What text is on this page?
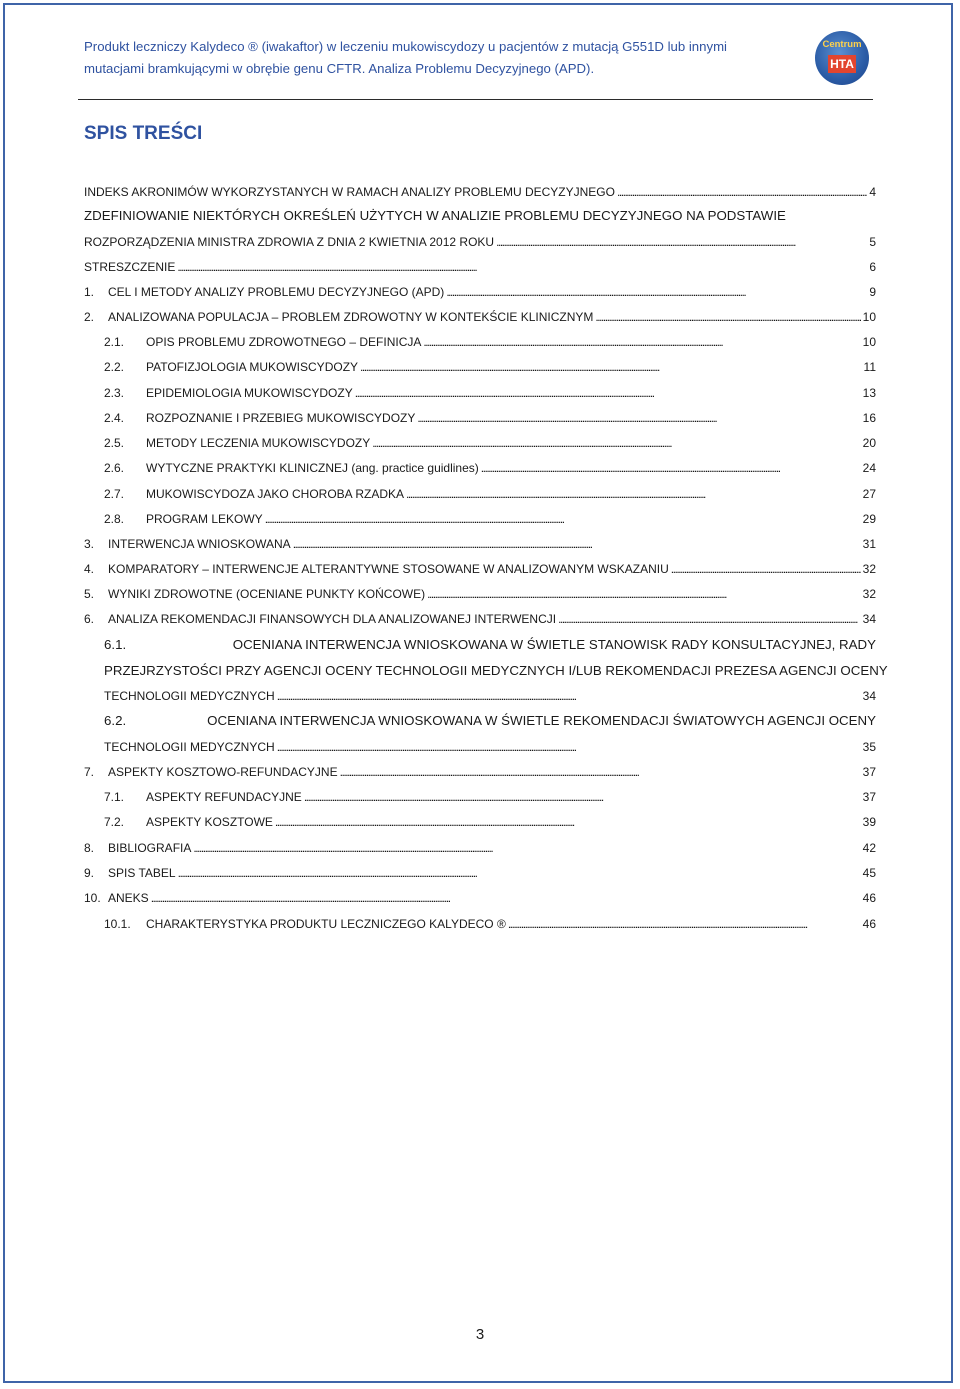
Produkt leczniczy Kalydeco ® (iwakaftor) w leczeniu mukowiscydozy u pacjentów z mutacją G551D lub innymi
mutacjami bramkującymi w obrębie genu CFTR. Analiza Problemu Decyzyjnego (APD).
Centrum
HTA
SPIS TREŚCI
INDEKS AKRONIMÓW WYKORZYSTANYCH W RAMACH ANALIZY PROBLEMU DECYZYJNEGO . . .	4
ZDEFINIOWANIE NIEKTÓRYCH OKREŚLEŃ UŻYTYCH W ANALIZIE PROBLEMU DECYZYJNEGO NA PODSTAWIE
ROZPORZĄDZENIA MINISTRA ZDROWIA Z DNIA 2 KWIETNIA 2012 ROKU . . .	5
STRESZCZENIE . . .	6
1.	CEL I METODY ANALIZY PROBLEMU DECYZYJNEGO (APD) . . .	9
2.	ANALIZOWANA POPULACJA – PROBLEM ZDROWOTNY W KONTEKŚCIE KLINICZNYM . . .	10
2.1.	OPIS PROBLEMU ZDROWOTNEGO – DEFINICJA . . .	10
2.2.	PATOFIZJOLOGIA MUKOWISCYDOZY . . .	11
2.3.	EPIDEMIOLOGIA MUKOWISCYDOZY . . .	13
2.4.	ROZPOZNANIE I PRZEBIEG MUKOWISCYDOZY . . .	16
2.5.	METODY LECZENIA MUKOWISCYDOZY . . .	20
2.6.	WYTYCZNE PRAKTYKI KLINICZNEJ (ang. practice guidlines) . . .	24
2.7.	MUKOWISCYDOZA JAKO CHOROBA RZADKA . . .	27
2.8.	PROGRAM LEKOWY . . .	29
3.	INTERWENCJA WNIOSKOWANA . . .	31
4.	KOMPARATORY – INTERWENCJE ALTERANTYWNE STOSOWANE W ANALIZOWANYM WSKAZANIU . . .	32
5.	WYNIKI ZDROWOTNE (OCENIANE PUNKTY KOŃCOWE) . . .	32
6.	ANALIZA REKOMENDACJI FINANSOWYCH DLA ANALIZOWANEJ INTERWENCJI . . .	34
6.1.	OCENIANA INTERWENCJA WNIOSKOWANA W ŚWIETLE STANOWISK RADY KONSULTACYJNEJ, RADY
PRZEJRZYSTOŚCI PRZY AGENCJI OCENY TECHNOLOGII MEDYCZNYCH I/LUB REKOMENDACJI PREZESA AGENCJI OCENY
TECHNOLOGII MEDYCZNYCH . . .	34
6.2.	OCENIANA INTERWENCJA WNIOSKOWANA W ŚWIETLE REKOMENDACJI ŚWIATOWYCH AGENCJI OCENY
TECHNOLOGII MEDYCZNYCH . . .	35
7.	ASPEKTY KOSZTOWO-REFUNDACYJNE . . .	37
7.1.	ASPEKTY REFUNDACYJNE . . .	37
7.2.	ASPEKTY KOSZTOWE . . .	39
8.	BIBLIOGRAFIA . . .	42
9.	SPIS TABEL . . .	45
10. ANEKS . . .	46
10.1.	CHARAKTERYSTYKA PRODUKTU LECZNICZEGO KALYDECO ® . . .	46
3
